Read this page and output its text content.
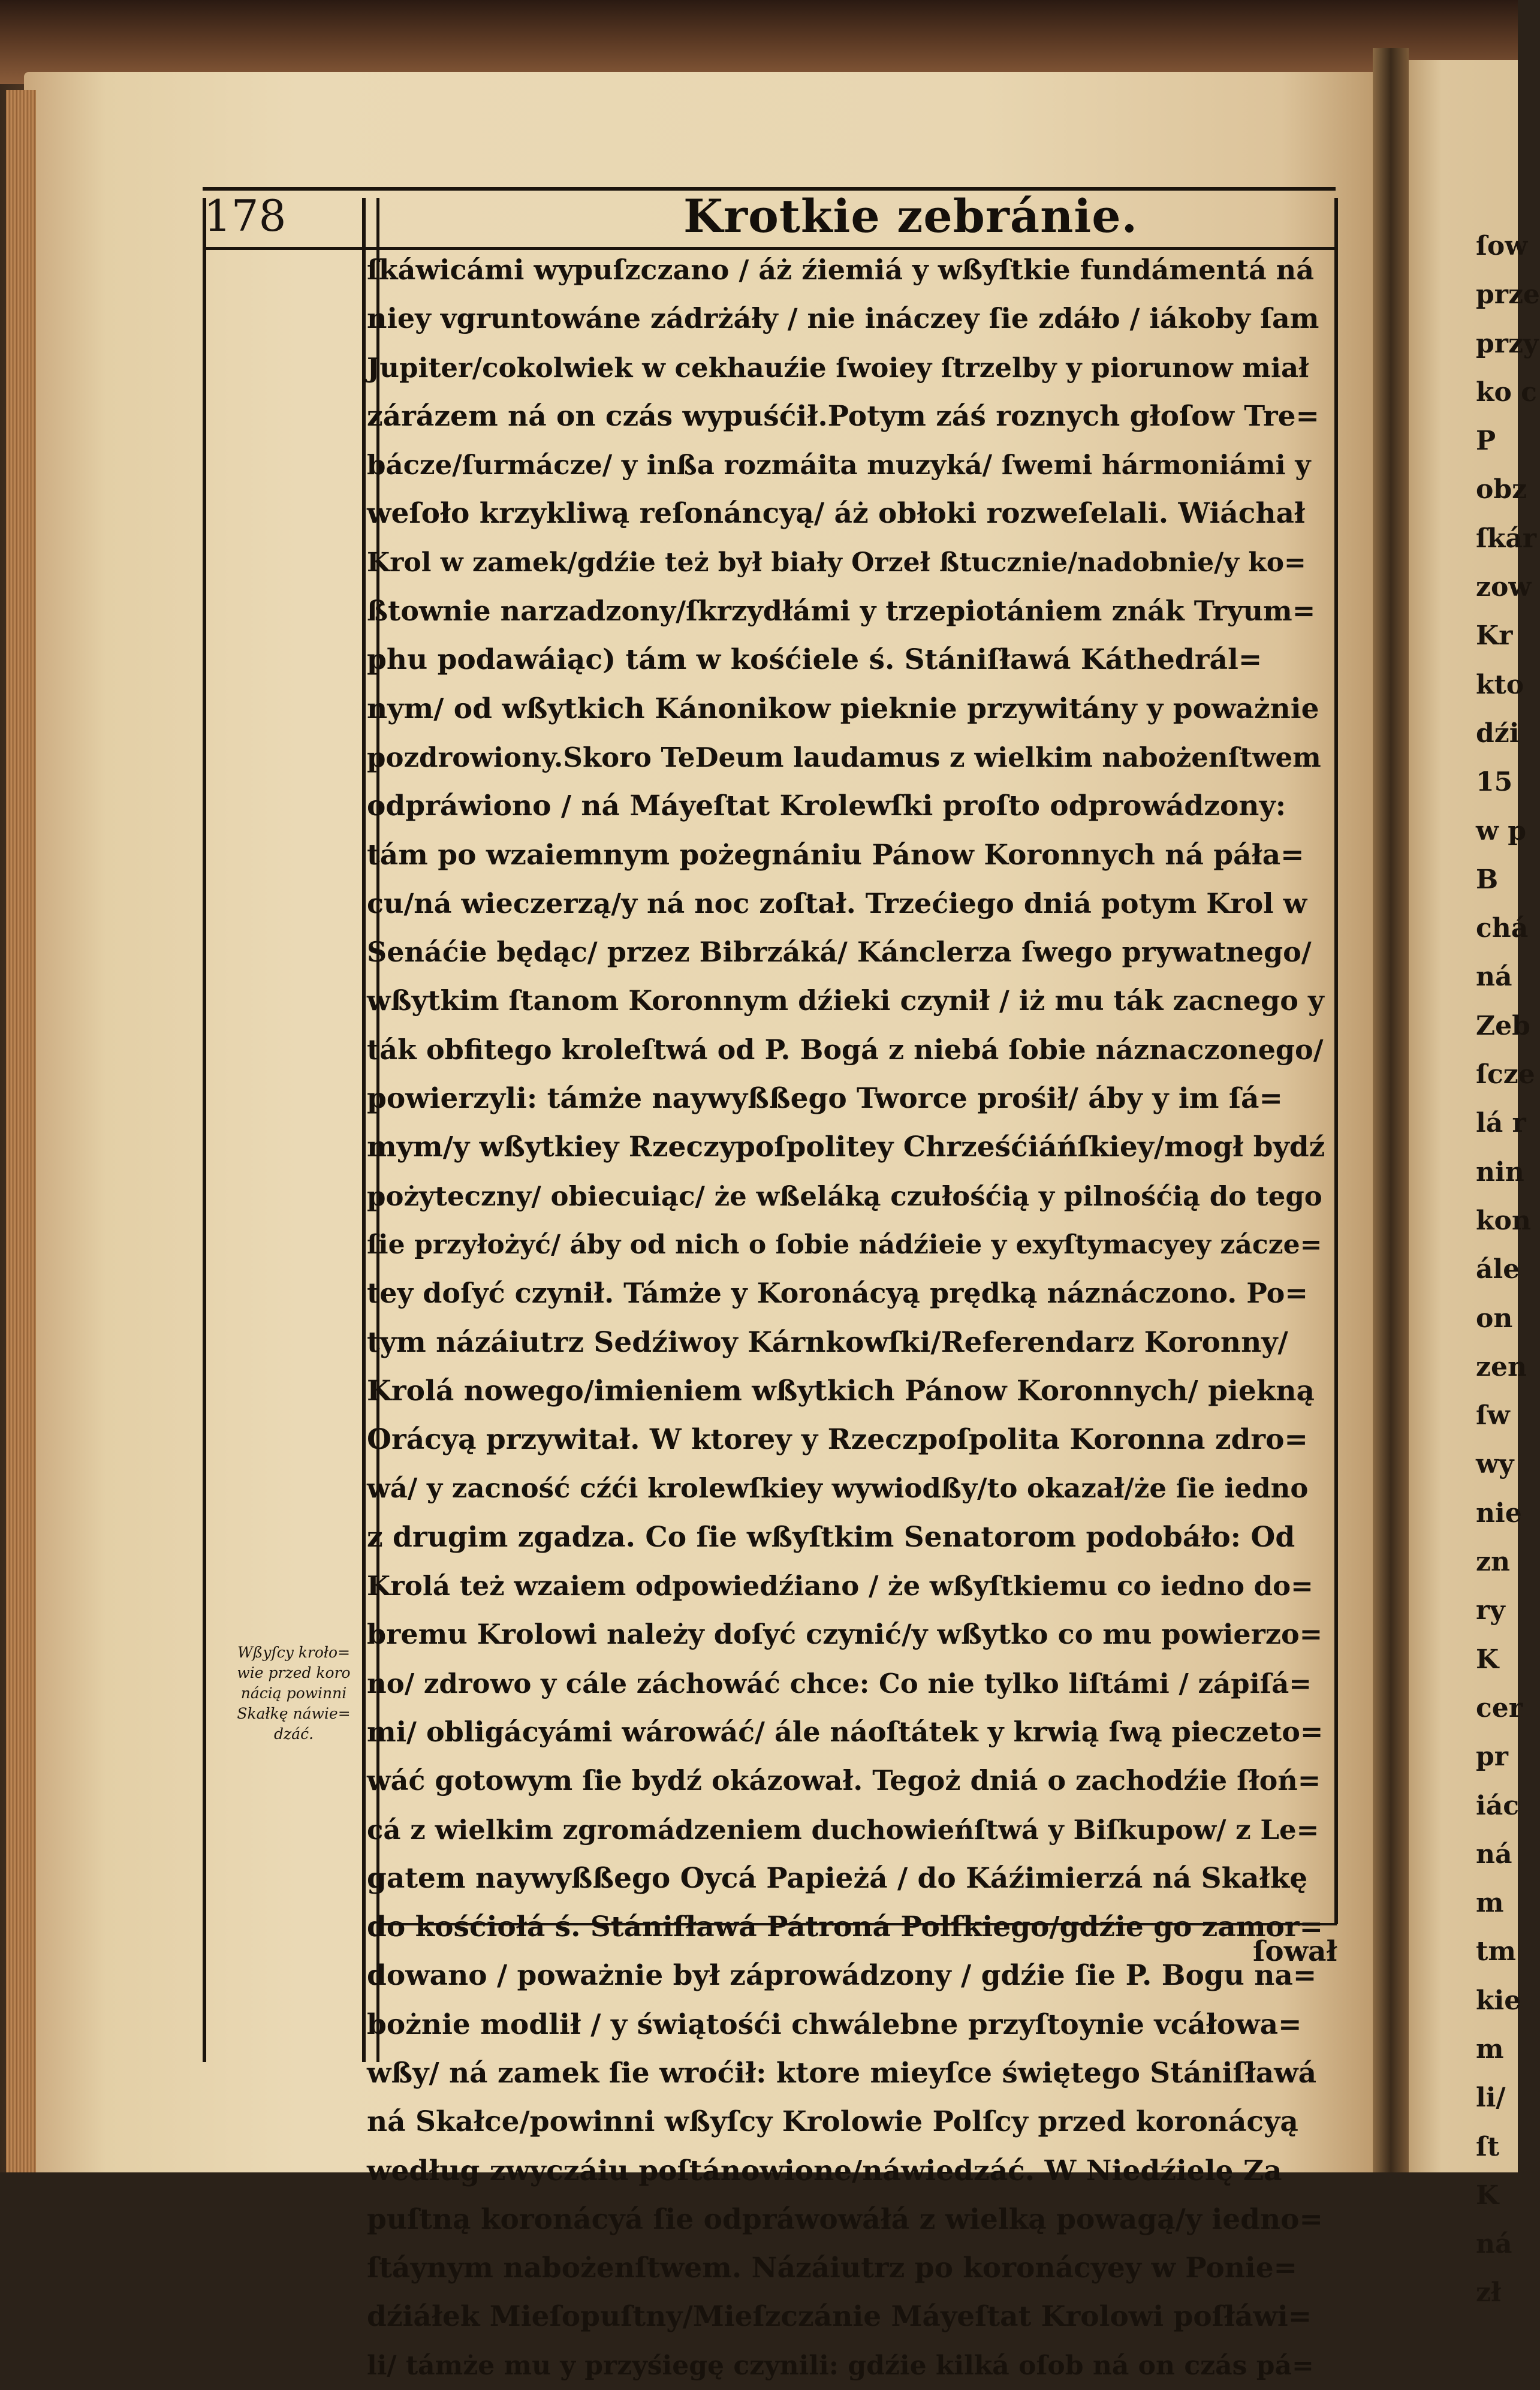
178	Krotkie zebránie.
ſkáwicámi wypuſzczano / áż źiemiá y wßyſtkie fundámentá ná
niey vgruntowáne zádrżáły / nie ináczey ſie zdáło / iákoby ſam
Jupiter/cokolwiek w cekhauźie ſwoiey ſtrzelby y piorunow miał
zárázem ná on czás wypuśćił.Potym záś roznych głoſow Tre=
bácze/ſurmácze/ y inßa rozmáita muzyká/ ſwemi hármoniámi y
weſoło krzykliwą reſonáncyą/ áż obłoki rozweſelali. Wiáchał
Krol w zamek/gdźie też był biały Orzeł ßtucznie/nadobnie/y ko=
ßtownie narzadzony/ſkrzydłámi y trzepiotániem znák Tryum=
phu podawáiąc) tám w kośćiele ś. Stániſławá Káthedrál=
nym/ od wßytkich Kánonikow pieknie przywitány y poważnie
pozdrowiony.Skoro TeDeum laudamus z wielkim nabożenſtwem
odpráwiono / ná Máyeſtat Krolewſki proſto odprowádzony:
tám po wzaiemnym pożegnániu Pánow Koronnych ná páła=
cu/ná wieczerzą/y ná noc zoſtał. Trzećiego dniá potym Krol w
Senáćie będąc/ przez Bibrzáká/ Kánclerza ſwego prywatnego/
wßytkim ſtanom Koronnym dźieki czynił / iż mu ták zacnego y
ták obfitego kroleſtwá od P. Bogá z niebá ſobie náznaczonego/
powierzyli: támże naywyßßego Tworce prośił/ áby y im ſá=
mym/y wßytkiey Rzeczypoſpolitey Chrześćiáńſkiey/mogł bydź
pożyteczny/ obiecuiąc/ że wßeláką czułośćią y pilnośćią do tego
ſie przyłożyć/ áby od nich o ſobie nádźieie y exyſtymacyey zácze=
tey doſyć czynił. Támże y Koronácyą prędką náznáczono. Po=
tym názáiutrz Sedźiwoy Kárnkowſki/Referendarz Koronny/
Krolá nowego/imieniem wßytkich Pánow Koronnych/ piekną
Orácyą przywitał. W ktorey y Rzeczpoſpolita Koronna zdro=
wá/ y zacność cźći krolewſkiey wywiodßy/to okazał/że ſie iedno
z drugim zgadza. Co ſie wßyſtkim Senatorom podobáło: Od
Krolá też wzaiem odpowiedźiano / że wßyſtkiemu co iedno do=
bremu Krolowi należy doſyć czynić/y wßytko co mu powierzo=
no/ zdrowo y cále záchowáć chce: Co nie tylko liſtámi / zápiſá=
mi/ obligácyámi wárowáć/ ále náoſtátek y krwią ſwą pieczeto=
wáć gotowym ſie bydź okázował. Tegoż dniá o zachodźie ſłoń=
cá z wielkim zgromádzeniem duchowieńſtwá y Biſkupow/ z Le=
gatem naywyßßego Oycá Papieżá / do Káźimierzá ná Skałkę
do kośćiołá ś. Stániſławá Pátroná Polſkiego/gdźie go zamor=
dowano / poważnie był záprowádzony / gdźie ſie P. Bogu na=
bożnie modlił / y świątośći chwálebne przyſtoynie vcáłowa=
wßy/ ná zamek ſie wroćił: ktore mieyſce świętego Stániſławá
ná Skałce/powinni wßyſcy Krolowie Polſcy przed koronácyą
według zwyczáiu poſtánowione/náwiedzáć. W Niedźielę Za
puſtną koronácyá ſie odpráwowáłá z wielką powagą/y iedno=
ſtáynym nabożenſtwem. Názáiutrz po koronácyey w Ponie=
dźiáłek Mieſopuſtny/Mieſzczánie Máyeſtat Krolowi poſłáwi=
li/ támże mu y przyśiegę czynili: gdźie kilká oſob ná on czás pá=
Wßyſcy kroło=
wie przed koro
nácią powinni
Skałkę náwie=
dzáć.
ſow
prze
przy
ko c
P
obz
ſkár
zow
Kr
kto
dźi
15
w p
B
chá
ná
Zeb
ſcze
lá r
nin
kon
ále
on
zen
ſw
wy
nie
zn
ry
K
cer
pr
iác
ná
m
tm
kie
m
li/
ſt
K
ná
zł
ſował
